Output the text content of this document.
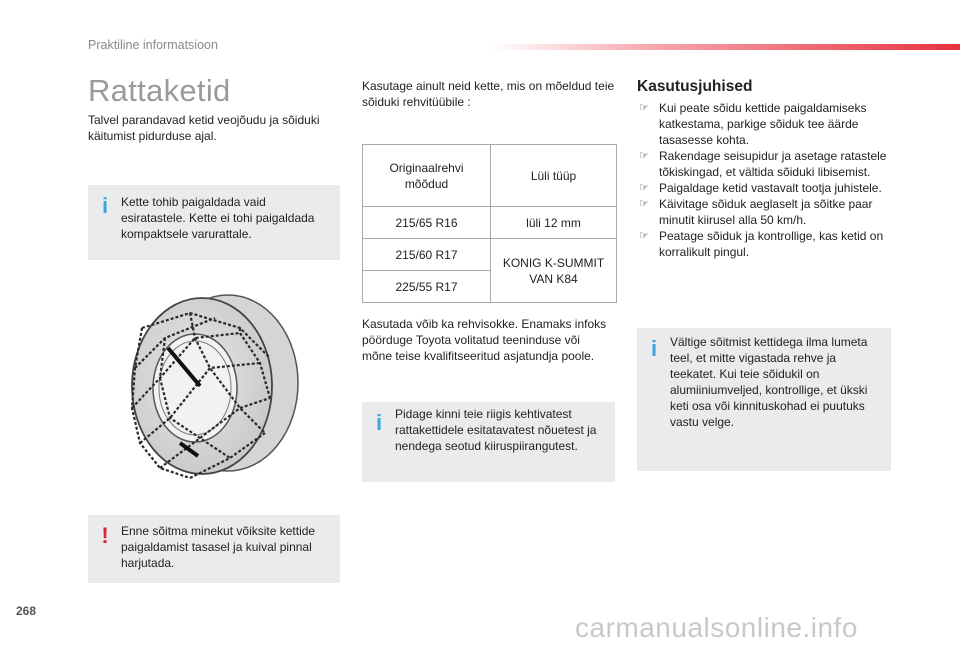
Praktiline informatsioon
Rattaketid
Talvel parandavad ketid veojõudu ja sõiduki käitumist pidurduse ajal.
i	Kette tohib paigaldada vaid esiratastele. Kette ei tohi paigaldada kompaktsele varurattale.
! Enne sõitma minekut võiksite kettide paigaldamist tasasel ja kuival pinnal harjutada.
Kasutage ainult neid kette, mis on mõeldud teie sõiduki rehvitüübile :
Originaalrehvi mõõdud	Lüli tüüp
215/65 R16	lüli 12 mm
215/60 R17	KONIG K-SUMMIT VAN K84
225/55 R17	
Kasutada võib ka rehvisokke. Enamaks infoks pöörduge Toyota volitatud teeninduse või mõne teise kvalifitseeritud asjatundja poole.
i	Pidage kinni teie riigis kehtivatest rattakettidele esitatavatest nõuetest ja nendega seotud kiiruspiirangutest.
Kasutusjuhised
☞ Kui peate sõidu kettide paigaldamiseks katkestama, parkige sõiduk tee äärde tasasesse kohta.
☞ Rakendage seisupidur ja asetage ratastele tõkiskingad, et vältida sõiduki libisemist.
☞ Paigaldage ketid vastavalt tootja juhistele.
☞ Käivitage sõiduk aeglaselt ja sõitke paar minutit kiirusel alla 50 km/h.
☞ Peatage sõiduk ja kontrollige, kas ketid on korralikult pingul.
i	Vältige sõitmist kettidega ilma lumeta teel, et mitte vigastada rehve ja teekatet. Kui teie sõidukil on alumiiniumveljed, kontrollige, et ükski keti osa või kinnituskohad ei puutuks vastu velge.
268
carmanualsonline.info
